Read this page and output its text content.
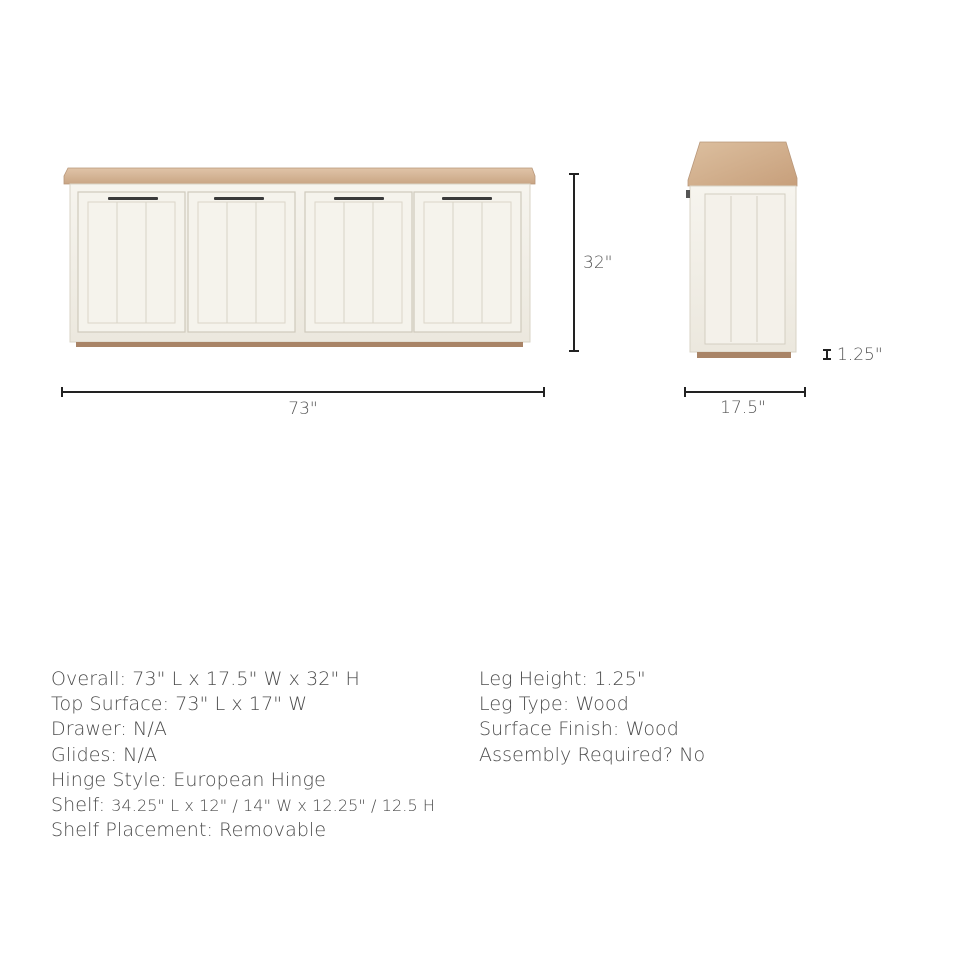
32"
73"
1.25"
17.5"
Overall: 73" L x 17.5" W x 32" H
Top Surface: 73" L x 17" W
Drawer: N/A
Glides: N/A
Hinge Style: European Hinge
Shelf: 34.25" L x 12" / 14" W x 12.25" / 12.5 H
Shelf Placement: Removable
Leg Height: 1.25"
Leg Type: Wood
Surface Finish: Wood
Assembly Required? No
